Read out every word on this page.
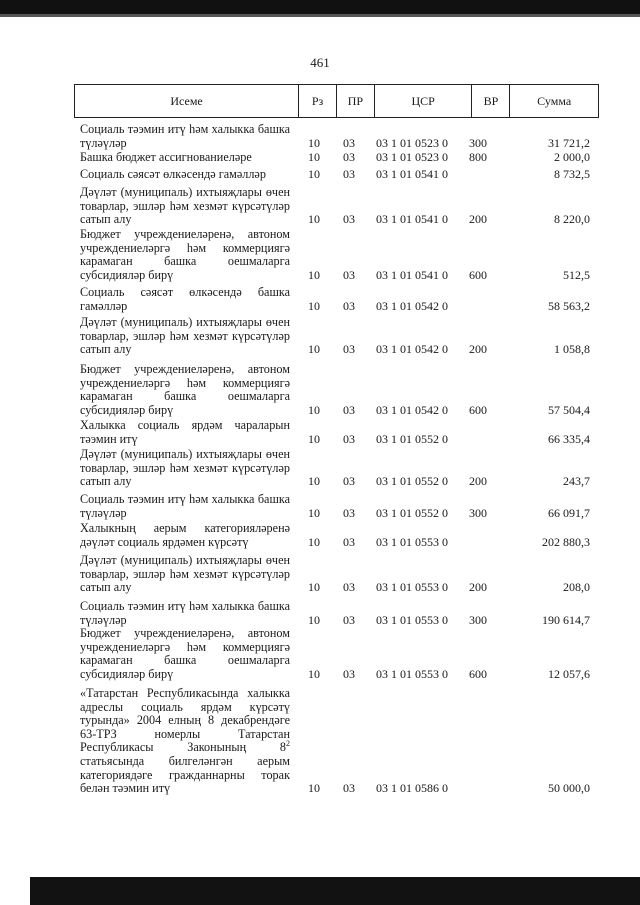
461
Исеме	Рз	ПР	ЦСР	ВР	Сумма
Социаль тәэмин итү һәм халыкка башка
түләүләр	10 03 03 1 01 0523 0 300	31 721,2
Башка бюджет ассигнованиеләре	10 03 03 1 01 0523 0 800	2 000,0
Социаль сәясәт өлкәсендә гамәлләр	10 03 03 1 01 0541 0	8 732,5
Дәүләт (муниципаль) ихтыяҗлары өчен
товарлар, эшләр һәм хезмәт күрсәтүләр
сатып алу	10 03 03 1 01 0541 0 200	8 220,0
Бюджет учреждениеләренә, автоном
учреждениеләргә һәм коммерциягә
карамаган башка оешмаларга
субсидияләр бирү	10 03 03 1 01 0541 0 600	512,5
Социаль сәясәт өлкәсендә башка
гамәлләр	10 03 03 1 01 0542 0	58 563,2
Дәүләт (муниципаль) ихтыяҗлары өчен
товарлар, эшләр һәм хезмәт күрсәтүләр
сатып алу	10 03 03 1 01 0542 0 200	1 058,8
Бюджет учреждениеләренә, автоном
учреждениеләргә һәм коммерциягә
карамаган башка оешмаларга
субсидияләр бирү	10 03 03 1 01 0542 0 600	57 504,4
Халыкка социаль ярдәм чараларын
тәэмин итү	10 03 03 1 01 0552 0	66 335,4
Дәүләт (муниципаль) ихтыяҗлары өчен
товарлар, эшләр һәм хезмәт күрсәтүләр
сатып алу	10 03 03 1 01 0552 0 200	243,7
Социаль тәэмин итү һәм халыкка башка
түләүләр	10 03 03 1 01 0552 0 300	66 091,7
Халыкның аерым категорияләренә
дәүләт социаль ярдәмен күрсәтү	10 03 03 1 01 0553 0	202 880,3
Дәүләт (муниципаль) ихтыяҗлары өчен
товарлар, эшләр һәм хезмәт күрсәтүләр
сатып алу	10 03 03 1 01 0553 0 200	208,0
Социаль тәэмин итү һәм халыкка башка
түләүләр	10 03 03 1 01 0553 0 300	190 614,7
Бюджет учреждениеләренә, автоном
учреждениеләргә һәм коммерциягә
карамаган башка оешмаларга
субсидияләр бирү	10 03 03 1 01 0553 0 600	12 057,6
«Татарстан Республикасында халыкка
адреслы социаль ярдәм күрсәтү
турында» 2004 елның 8 декабрендәге
63-ТРЗ номерлы Татарстан
Республикасы Законының $8^2$
статьясында билгеләнгән аерым
категориядәге гражданнарны торак
белән тәэмин итү	10 03 03 1 01 0586 0	50 000,0
